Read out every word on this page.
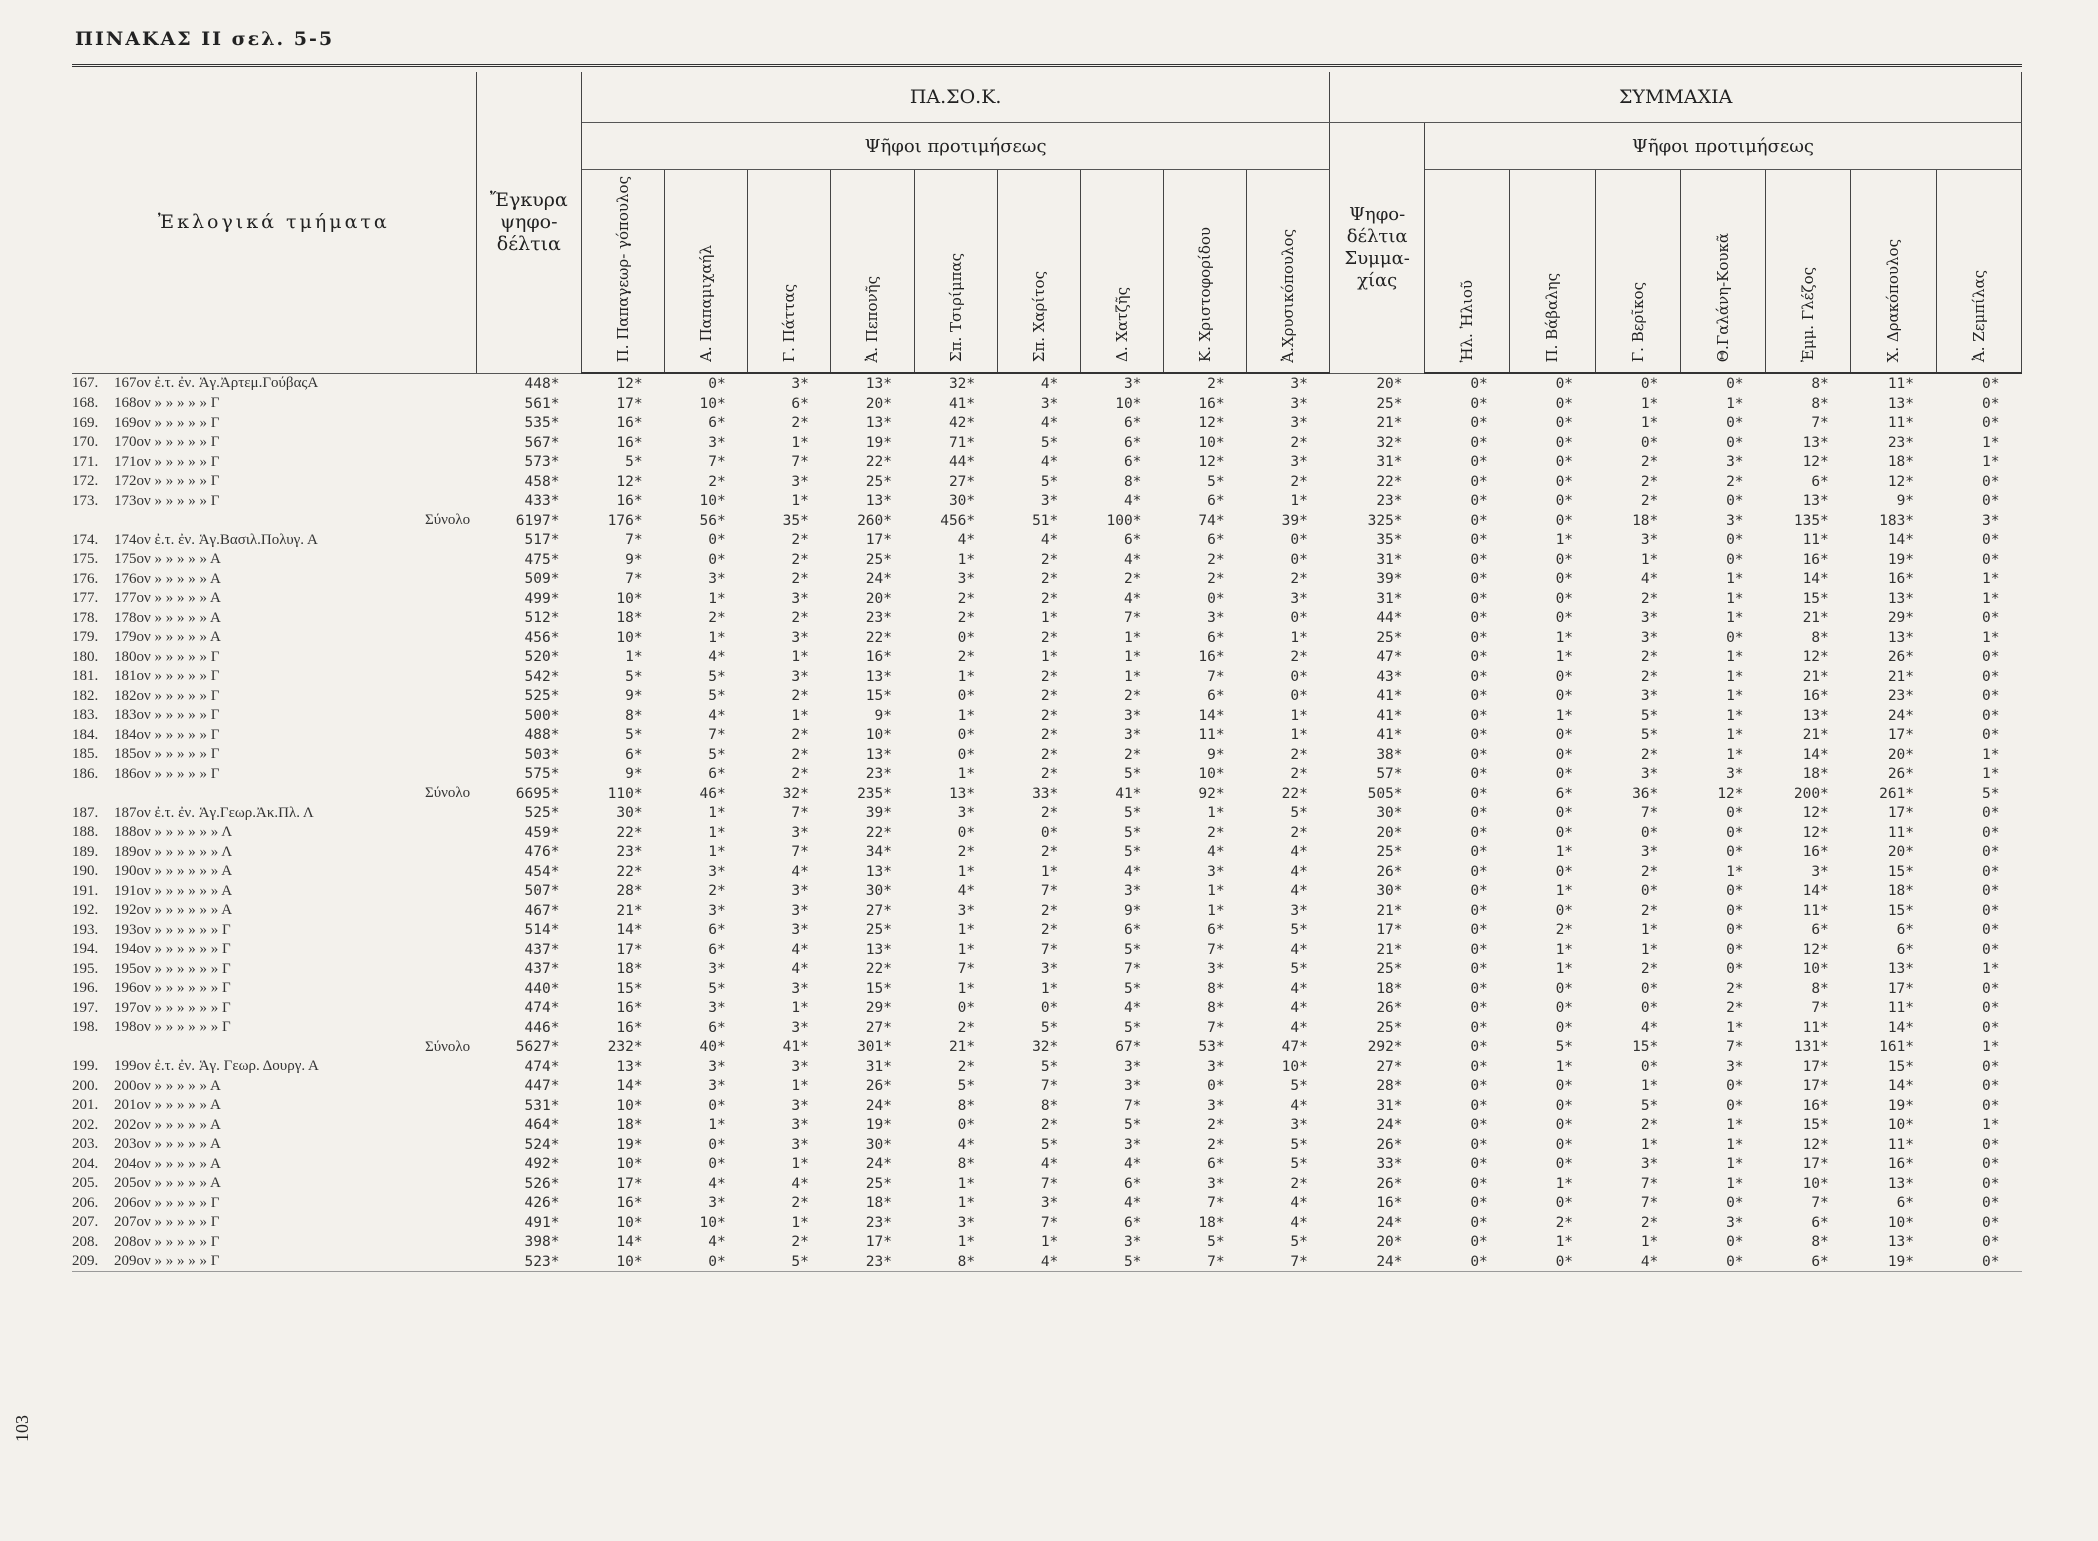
ΠΙΝΑΚΑΣ ΙΙ σελ. 5-5
Ἐκλογικά τμήματα	Ἔγκυρα ψηφο- δέλτια	ΠΑ.ΣΟ.Κ.									ΣΥΜΜΑΧΙΑ							
		Ψῆφοι προτιμήσεως									Ψηφο- δέλτια Συμμα- χίας	Ψῆφοι προτιμήσεως						
		Π. Παπαγεωρ- γόπουλος	Α. Παπαμιχαήλ	Γ. Πάττας	Ἀ. Πεπονῆς	Σπ. Τσιρίμπας	Σπ. Χαρίτος	Δ. Χατζῆς	Κ. Χριστοφορίδου	Ἀ.Χρυσικόπουλος		Ἠλ. Ἠλιοῦ	Π. Βάβαλης	Γ. Βερῖκος	Θ.Γαλάνη-Κουκᾶ	Ἐμμ. Γλέζος	Χ. Δρακόπουλος	Ἀ. Ζεμπίλας
167. 167ον ἐ.τ. ἐν. Ἁγ.Ἀρτεμ.ΓούβαςΑ	448*	12*	0*	3*	13*	32*	4*	3*	2*	3*	20*	0*	0*	0*	0*	8*	11*	0*
168. 168ον » » » » » Γ	561*	17*	10*	6*	20*	41*	3*	10*	16*	3*	25*	0*	0*	1*	1*	8*	13*	0*
169. 169ον » » » » » Γ	535*	16*	6*	2*	13*	42*	4*	6*	12*	3*	21*	0*	0*	1*	0*	7*	11*	0*
170. 170ον » » » » » Γ	567*	16*	3*	1*	19*	71*	5*	6*	10*	2*	32*	0*	0*	0*	0*	13*	23*	1*
171. 171ον » » » » » Γ	573*	5*	7*	7*	22*	44*	4*	6*	12*	3*	31*	0*	0*	2*	3*	12*	18*	1*
172. 172ον » » » » » Γ	458*	12*	2*	3*	25*	27*	5*	8*	5*	2*	22*	0*	0*	2*	2*	6*	12*	0*
173. 173ον » » » » » Γ	433*	16*	10*	1*	13*	30*	3*	4*	6*	1*	23*	0*	0*	2*	0*	13*	9*	0*
Σύνολο	6197*	176*	56*	35*	260*	456*	51*	100*	74*	39*	325*	0*	0*	18*	3*	135*	183*	3*
174. 174ον ἐ.τ. ἐν. Ἁγ.Βασιλ.Πολυγ. Α	517*	7*	0*	2*	17*	4*	4*	6*	6*	0*	35*	0*	1*	3*	0*	11*	14*	0*
175. 175ον » » » » » Α	475*	9*	0*	2*	25*	1*	2*	4*	2*	0*	31*	0*	0*	1*	0*	16*	19*	0*
176. 176ον » » » » » Α	509*	7*	3*	2*	24*	3*	2*	2*	2*	2*	39*	0*	0*	4*	1*	14*	16*	1*
177. 177ον » » » » » Α	499*	10*	1*	3*	20*	2*	2*	4*	0*	3*	31*	0*	0*	2*	1*	15*	13*	1*
178. 178ον » » » » » Α	512*	18*	2*	2*	23*	2*	1*	7*	3*	0*	44*	0*	0*	3*	1*	21*	29*	0*
179. 179ον » » » » » Α	456*	10*	1*	3*	22*	0*	2*	1*	6*	1*	25*	0*	1*	3*	0*	8*	13*	1*
180. 180ον » » » » » Γ	520*	1*	4*	1*	16*	2*	1*	1*	16*	2*	47*	0*	1*	2*	1*	12*	26*	0*
181. 181ον » » » » » Γ	542*	5*	5*	3*	13*	1*	2*	1*	7*	0*	43*	0*	0*	2*	1*	21*	21*	0*
182. 182ον » » » » » Γ	525*	9*	5*	2*	15*	0*	2*	2*	6*	0*	41*	0*	0*	3*	1*	16*	23*	0*
183. 183ον » » » » » Γ	500*	8*	4*	1*	9*	1*	2*	3*	14*	1*	41*	0*	1*	5*	1*	13*	24*	0*
184. 184ον » » » » » Γ	488*	5*	7*	2*	10*	0*	2*	3*	11*	1*	41*	0*	0*	5*	1*	21*	17*	0*
185. 185ον » » » » » Γ	503*	6*	5*	2*	13*	0*	2*	2*	9*	2*	38*	0*	0*	2*	1*	14*	20*	1*
186. 186ον » » » » » Γ	575*	9*	6*	2*	23*	1*	2*	5*	10*	2*	57*	0*	0*	3*	3*	18*	26*	1*
Σύνολο	6695*	110*	46*	32*	235*	13*	33*	41*	92*	22*	505*	0*	6*	36*	12*	200*	261*	5*
187. 187ον ἐ.τ. ἐν. Ἁγ.Γεωρ.Ἀκ.Πλ. Λ	525*	30*	1*	7*	39*	3*	2*	5*	1*	5*	30*	0*	0*	7*	0*	12*	17*	0*
188. 188ον » » » » » » Λ	459*	22*	1*	3*	22*	0*	0*	5*	2*	2*	20*	0*	0*	0*	0*	12*	11*	0*
189. 189ον » » » » » » Λ	476*	23*	1*	7*	34*	2*	2*	5*	4*	4*	25*	0*	1*	3*	0*	16*	20*	0*
190. 190ον » » » » » » Α	454*	22*	3*	4*	13*	1*	1*	4*	3*	4*	26*	0*	0*	2*	1*	3*	15*	0*
191. 191ον » » » » » » Α	507*	28*	2*	3*	30*	4*	7*	3*	1*	4*	30*	0*	1*	0*	0*	14*	18*	0*
192. 192ον » » » » » » Α	467*	21*	3*	3*	27*	3*	2*	9*	1*	3*	21*	0*	0*	2*	0*	11*	15*	0*
193. 193ον » » » » » » Γ	514*	14*	6*	3*	25*	1*	2*	6*	6*	5*	17*	0*	2*	1*	0*	6*	6*	0*
194. 194ον » » » » » » Γ	437*	17*	6*	4*	13*	1*	7*	5*	7*	4*	21*	0*	1*	1*	0*	12*	6*	0*
195. 195ον » » » » » » Γ	437*	18*	3*	4*	22*	7*	3*	7*	3*	5*	25*	0*	1*	2*	0*	10*	13*	1*
196. 196ον » » » » » » Γ	440*	15*	5*	3*	15*	1*	1*	5*	8*	4*	18*	0*	0*	0*	2*	8*	17*	0*
197. 197ον » » » » » » Γ	474*	16*	3*	1*	29*	0*	0*	4*	8*	4*	26*	0*	0*	0*	2*	7*	11*	0*
198. 198ον » » » » » » Γ	446*	16*	6*	3*	27*	2*	5*	5*	7*	4*	25*	0*	0*	4*	1*	11*	14*	0*
Σύνολο	5627*	232*	40*	41*	301*	21*	32*	67*	53*	47*	292*	0*	5*	15*	7*	131*	161*	1*
199. 199ον ἐ.τ. ἐν. Ἁγ. Γεωρ. Δουργ. Α	474*	13*	3*	3*	31*	2*	5*	3*	3*	10*	27*	0*	1*	0*	3*	17*	15*	0*
200. 200ον » » » » » Α	447*	14*	3*	1*	26*	5*	7*	3*	0*	5*	28*	0*	0*	1*	0*	17*	14*	0*
201. 201ον » » » » » Α	531*	10*	0*	3*	24*	8*	8*	7*	3*	4*	31*	0*	0*	5*	0*	16*	19*	0*
202. 202ον » » » » » Α	464*	18*	1*	3*	19*	0*	2*	5*	2*	3*	24*	0*	0*	2*	1*	15*	10*	1*
203. 203ον » » » » » Α	524*	19*	0*	3*	30*	4*	5*	3*	2*	5*	26*	0*	0*	1*	1*	12*	11*	0*
204. 204ον » » » » » Α	492*	10*	0*	1*	24*	8*	4*	4*	6*	5*	33*	0*	0*	3*	1*	17*	16*	0*
205. 205ον » » » » » Α	526*	17*	4*	4*	25*	1*	7*	6*	3*	2*	26*	0*	1*	7*	1*	10*	13*	0*
206. 206ον » » » » » Γ	426*	16*	3*	2*	18*	1*	3*	4*	7*	4*	16*	0*	0*	7*	0*	7*	6*	0*
207. 207ον » » » » » Γ	491*	10*	10*	1*	23*	3*	7*	6*	18*	4*	24*	0*	2*	2*	3*	6*	10*	0*
208. 208ον » » » » » Γ	398*	14*	4*	2*	17*	1*	1*	3*	5*	5*	20*	0*	1*	1*	0*	8*	13*	0*
209. 209ον » » » » » Γ	523*	10*	0*	5*	23*	8*	4*	5*	7*	7*	24*	0*	0*	4*	0*	6*	19*	0*
103
